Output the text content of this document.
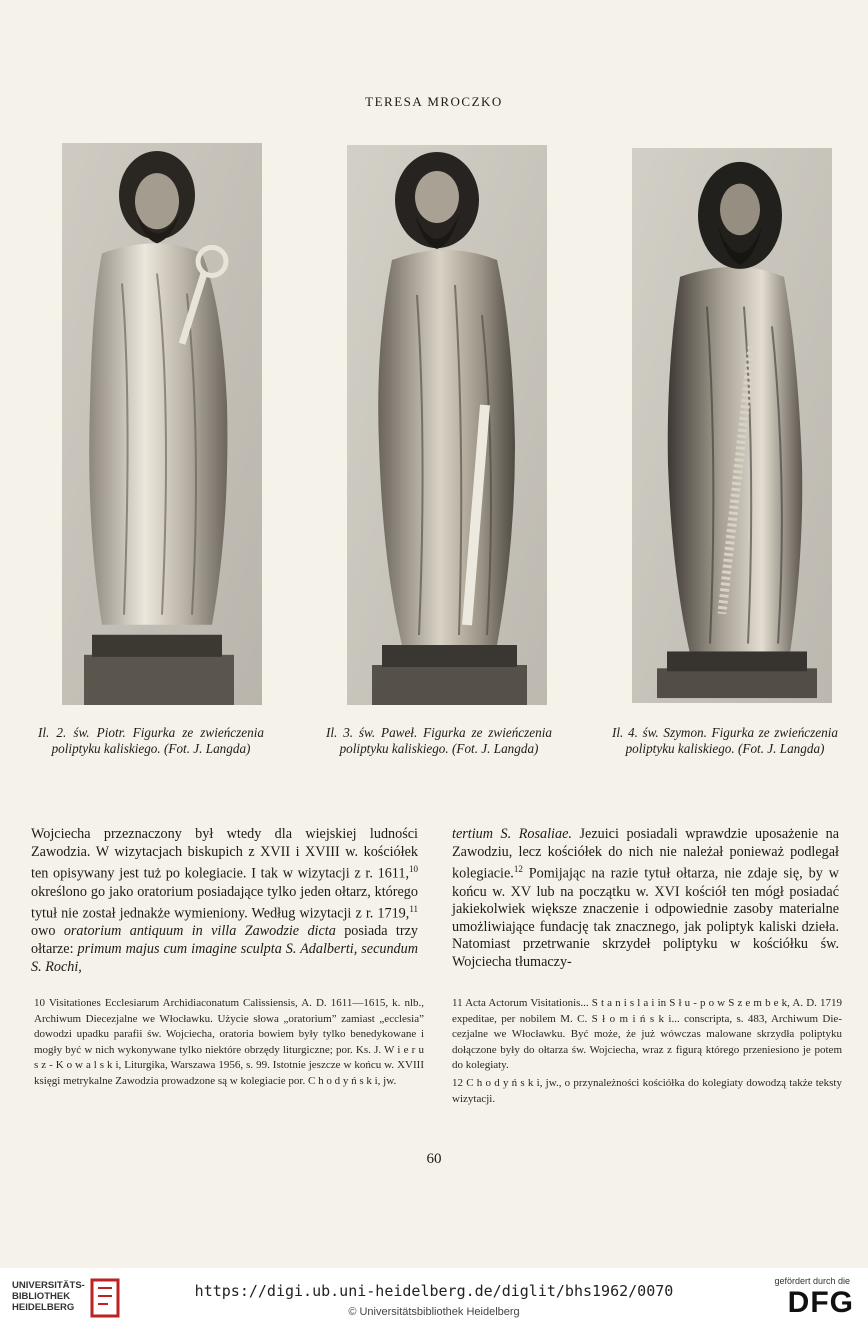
TERESA MROCZKO
Il. 2. św. Piotr. Figurka ze zwieńczenia poliptyku kaliskiego. (Fot. J. Langda)
Il. 3. św. Paweł. Figurka ze zwieńczenia poliptyku kaliskiego. (Fot. J. Langda)
Il. 4. św. Szymon. Figurka ze zwieńczenia poliptyku kaliskiego. (Fot. J. Langda)
Wojciecha przeznaczony był wtedy dla wiejskiej ludności Zawodzia. W wizytacjach biskupich z XVII i XVIII w. kościółek ten opisywany jest tuż po kolegiacie. I tak w wizytacji z r. 1611,10 określono go jako oratorium posiadające tylko jeden ołtarz, którego tytuł nie został jednakże wymieniony. Według wizytacji z r. 1719,11 owo oratorium antiquum in villa Zawodzie dicta posiada trzy ołtarze: primum majus cum imagine sculpta S. Adalberti, secundum S. Rochi,
tertium S. Rosaliae. Jezuici posiadali wprawdzie uposażenie na Zawodziu, lecz kościółek do nich nie należał ponieważ podlegał kolegiacie.$^{12}$ Pomijając na razie tytuł ołtarza, nie zdaje się, by w końcu w. XV lub na początku w. XVI kościół ten mógł posiadać jakiekolwiek większe znaczenie i odpowiednie zasoby materialne umożliwiające fundację tak znacznego, jak poliptyk kaliski dzieła. Natomiast przetrwanie skrzydeł poliptyku w kościółku św. Wojciecha tłumaczy-

10 Visitationes Ecclesiarum Archidiaconatum Calissiensis, A. D. 1611—1615, k. nlb., Archiwum Diecezjalne we Włocławku. Użycie słowa „oratorium” zamiast „ecclesia” dowodzi upadku parafii św. Wojciecha, oratoria bowiem były tylko benedykowane i mogły być w nich wykonywane tylko niektóre obrzędy liturgiczne; por. Ks. J. W i e r u s z - K o w a l s k i, Liturgika, Warszawa 1956, s. 99. Istotnie jeszcze w końcu w. XVIII księgi metrykalne Zawodzia prowadzone są w kolegiacie por. C h o d y ń s k i, jw.

11 Acta Actorum Visitationis... S t a n i s l a i in S ł u - p o w S z e m b e k, A. D. 1719 expeditae, per nobilem M. C. S ł o m i ń s k i... conscripta, s. 483, Archiwum Diecezjalne we Włocławku. Być może, że już wówczas malowane skrzydła poliptyku dołączone były do ołtarza św. Wojciecha, wraz z figurą którego przeniesiono je potem do kolegiaty.

12 C h o d y ń s k i, jw., o przynależności kościółka do kolegiaty dowodzą także teksty wizytacji.

60
UNIVERSITÄTS-
BIBLIOTHEK
HEIDELBERG
https://digi.ub.uni-heidelberg.de/diglit/bhs1962/0070
© Universitätsbibliothek Heidelberg
gefördert durch die
DFG
